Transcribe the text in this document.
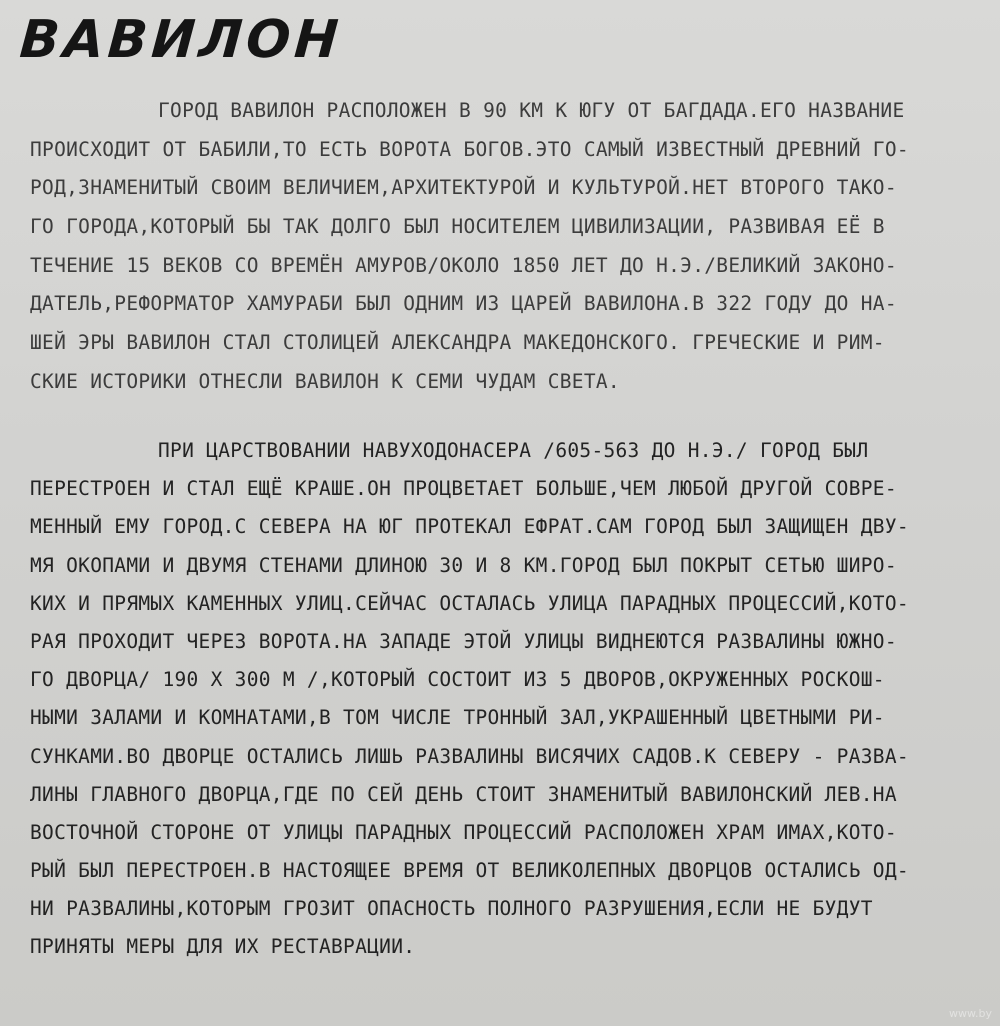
ВАВИЛОН
ГОРОД ВАВИЛОН РАСПОЛОЖЕН В 90 КМ К ЮГУ ОТ БАГДАДА.ЕГО НАЗВАНИЕ
ПРОИСХОДИТ ОТ БАБИЛИ,ТО ЕСТЬ ВОРОТА БОГОВ.ЭТО САМЫЙ ИЗВЕСТНЫЙ ДРЕВНИЙ ГО-
РОД,ЗНАМЕНИТЫЙ СВОИМ ВЕЛИЧИЕМ,АРХИТЕКТУРОЙ И КУЛЬТУРОЙ.НЕТ ВТОРОГО ТАКО-
ГО ГОРОДА,КОТОРЫЙ БЫ ТАК ДОЛГО БЫЛ НОСИТЕЛЕМ ЦИВИЛИЗАЦИИ, РАЗВИВАЯ ЕЁ В
ТЕЧЕНИЕ 15 ВЕКОВ СО ВРЕМЁН АМУРОВ/ОКОЛО 1850 ЛЕТ ДО Н.Э./ВЕЛИКИЙ ЗАКОНО-
ДАТЕЛЬ,РЕФОРМАТОР ХАМУРАБИ БЫЛ ОДНИМ ИЗ ЦАРЕЙ ВАВИЛОНА.В 322 ГОДУ ДО НА-
ШЕЙ ЭРЫ ВАВИЛОН СТАЛ СТОЛИЦЕЙ АЛЕКСАНДРА МАКЕДОНСКОГО. ГРЕЧЕСКИЕ И РИМ-
СКИЕ ИСТОРИКИ ОТНЕСЛИ ВАВИЛОН К СЕМИ ЧУДАМ СВЕТА.
ПРИ ЦАРСТВОВАНИИ НАВУХОДОНАСЕРА /605-563 ДО Н.Э./ ГОРОД БЫЛ
ПЕРЕСТРОЕН И СТАЛ ЕЩЁ КРАШЕ.ОН ПРОЦВЕТАЕТ БОЛЬШЕ,ЧЕМ ЛЮБОЙ ДРУГОЙ СОВРЕ-
МЕННЫЙ ЕМУ ГОРОД.С СЕВЕРА НА ЮГ ПРОТЕКАЛ ЕФРАТ.САМ ГОРОД БЫЛ ЗАЩИЩЕН ДВУ-
МЯ ОКОПАМИ И ДВУМЯ СТЕНАМИ ДЛИНОЮ 30 И 8 КМ.ГОРОД БЫЛ ПОКРЫТ СЕТЬЮ ШИРО-
КИХ И ПРЯМЫХ КАМЕННЫХ УЛИЦ.СЕЙЧАС ОСТАЛАСЬ УЛИЦА ПАРАДНЫХ ПРОЦЕССИЙ,КОТО-
РАЯ ПРОХОДИТ ЧЕРЕЗ ВОРОТА.НА ЗАПАДЕ ЭТОЙ УЛИЦЫ ВИДНЕЮТСЯ РАЗВАЛИНЫ ЮЖНО-
ГО ДВОРЦА/ 190 Х 300 М /,КОТОРЫЙ СОСТОИТ ИЗ 5 ДВОРОВ,ОКРУЖЕННЫХ РОСКОШ-
НЫМИ ЗАЛАМИ И КОМНАТАМИ,В ТОМ ЧИСЛЕ ТРОННЫЙ ЗАЛ,УКРАШЕННЫЙ ЦВЕТНЫМИ РИ-
СУНКАМИ.ВО ДВОРЦЕ ОСТАЛИСЬ ЛИШЬ РАЗВАЛИНЫ ВИСЯЧИХ САДОВ.К СЕВЕРУ - РАЗВА-
ЛИНЫ ГЛАВНОГО ДВОРЦА,ГДЕ ПО СЕЙ ДЕНЬ СТОИТ ЗНАМЕНИТЫЙ ВАВИЛОНСКИЙ ЛЕВ.НА
ВОСТОЧНОЙ СТОРОНЕ ОТ УЛИЦЫ ПАРАДНЫХ ПРОЦЕССИЙ РАСПОЛОЖЕН ХРАМ ИМАХ,КОТО-
РЫЙ БЫЛ ПЕРЕСТРОЕН.В НАСТОЯЩЕЕ ВРЕМЯ ОТ ВЕЛИКОЛЕПНЫХ ДВОРЦОВ ОСТАЛИСЬ ОД-
НИ РАЗВАЛИНЫ,КОТОРЫМ ГРОЗИТ ОПАСНОСТЬ ПОЛНОГО РАЗРУШЕНИЯ,ЕСЛИ НЕ БУДУТ
ПРИНЯТЫ МЕРЫ ДЛЯ ИХ РЕСТАВРАЦИИ.
www.by
